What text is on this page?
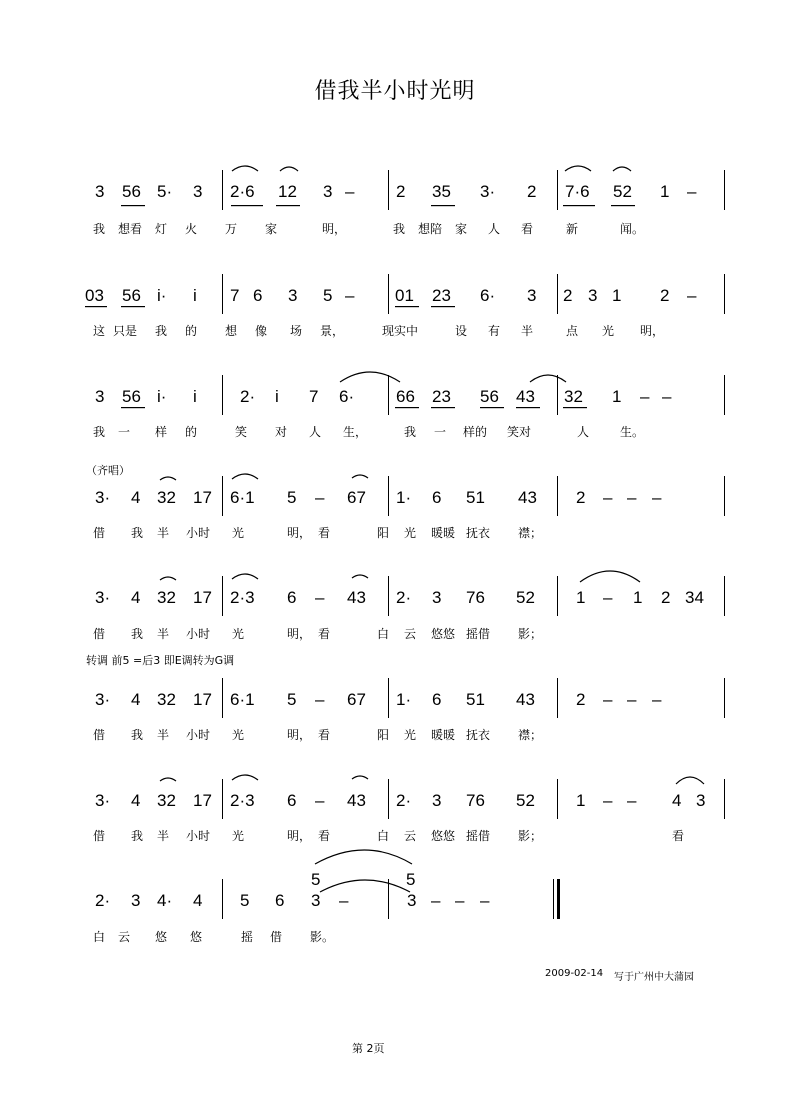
借我半小时光明
3 56 5· 3 2·6 12 3 – 2 35 3· 2 7·6 52 1 –
我 想看 灯 火 万 家	明，	我 想陪 家 人 看	新	闻。
03 56 i· i 7 6 3 5 – 01 23 6· 3 2 3 1 2 –
这 只是 我 的 想 像 场 景，	现实中	设 有 半	点 光 明，
3 56 i· i	2· i 7 6· 66 23 56 43 32 1 – –
我 一 样 的	笑 对 人 生，	我 一 样的 笑对	人	生。
3· 4 32 17 6·1 5 – 67 1· 6 51 43 2 – – –
借 我 半 小时 光	明， 看	阳 光 暖暖 抚衣 襟；
3· 4 32 17 2·3 6 – 43 2· 3 76 52 1 – 1 2 34
借 我 半 小时 光	明， 看	白 云 悠悠 摇借 影；
3· 4 32 17 6·1 5 – 67 1· 6 51 43 2 – – –
借 我 半 小时 光	明， 看	阳 光 暖暖 抚衣 襟；
3· 4 32 17 2·3 6 – 43 2· 3 76 52 1 – – 4 3
借 我 半 小时 光	明， 看	白 云 悠悠 摇借 影；	看
2· 3 4· 4 5 6 3 –	3 – – –
白 云 悠 悠	摇 借 影。
（齐唱）
转调 前5 =后3 即E调转为G调
5	5
2009-02-14 写于广州中大蒲园
第 2页
